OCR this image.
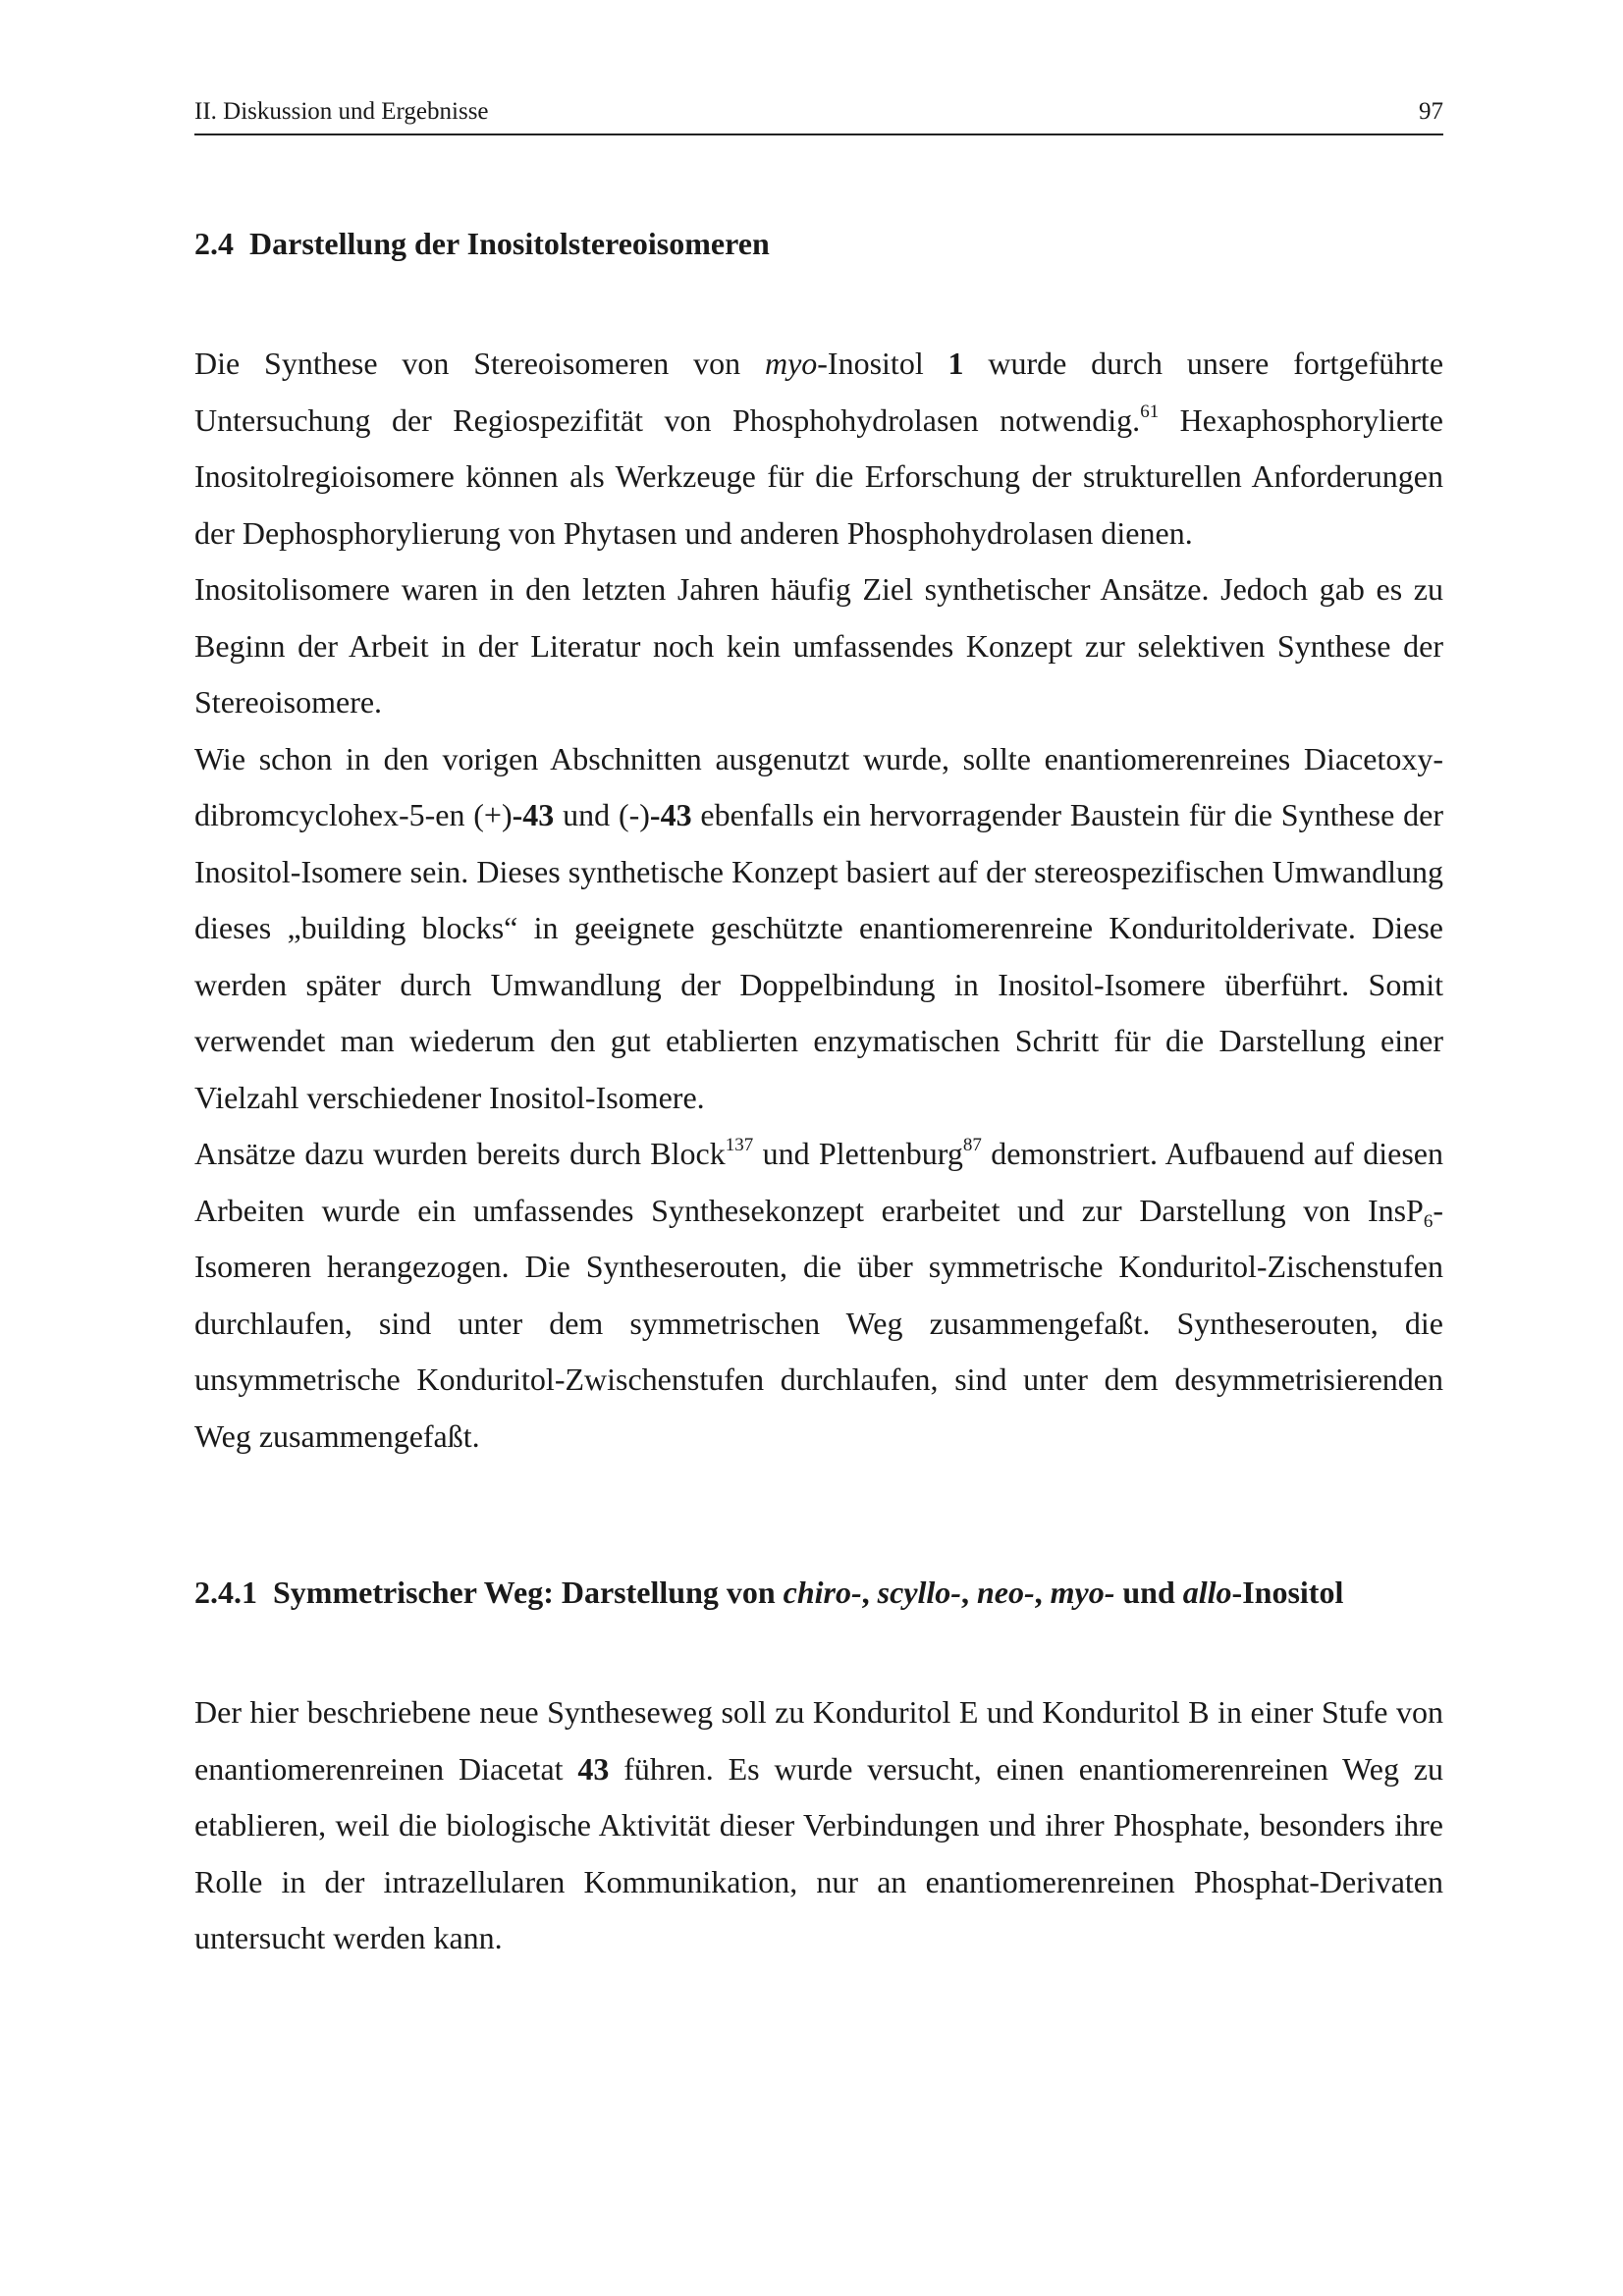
II. Diskussion und Ergebnisse	97
2.4 Darstellung der Inositolstereoisomeren

Die Synthese von Stereoisomeren von myo-Inositol 1 wurde durch unsere fortgeführte Untersuchung der Regiospezifität von Phosphohydrolasen notwendig.$^{61}$ Hexaphosphorylierte Inositolregioisomere können als Werkzeuge für die Erforschung der strukturellen Anforderungen der Dephosphorylierung von Phytasen und anderen Phosphohydrolasen dienen.

Inositolisomere waren in den letzten Jahren häufig Ziel synthetischer Ansätze. Jedoch gab es zu Beginn der Arbeit in der Literatur noch kein umfassendes Konzept zur selektiven Synthese der Stereoisomere.

Wie schon in den vorigen Abschnitten ausgenutzt wurde, sollte enantiomerenreines Diacetoxy-dibromcyclohex-5-en (+)-43 und (-)-43 ebenfalls ein hervorragender Baustein für die Synthese der Inositol-Isomere sein. Dieses synthetische Konzept basiert auf der stereospezifischen Umwandlung dieses „building blocks“ in geeignete geschützte enantiomerenreine Konduritolderivate. Diese werden später durch Umwandlung der Doppelbindung in Inositol-Isomere überführt. Somit verwendet man wiederum den gut etablierten enzymatischen Schritt für die Darstellung einer Vielzahl verschiedener Inositol-Isomere.

Ansätze dazu wurden bereits durch Block$^{137}$ und Plettenburg$^{87}$ demonstriert. Aufbauend auf diesen Arbeiten wurde ein umfassendes Synthesekonzept erarbeitet und zur Darstellung von InsP$_6$-Isomeren herangezogen. Die Syntheserouten, die über symmetrische Konduritol-Zischenstufen durchlaufen, sind unter dem symmetrischen Weg zusammengefaßt. Syntheserouten, die unsymmetrische Konduritol-Zwischenstufen durchlaufen, sind unter dem desymmetrisierenden Weg zusammengefaßt.

2.4.1 Symmetrischer Weg: Darstellung von chiro-, scyllo-, neo-, myo- und allo-Inositol

Der hier beschriebene neue Syntheseweg soll zu Konduritol E und Konduritol B in einer Stufe von enantiomerenreinen Diacetat 43 führen. Es wurde versucht, einen enantiomerenreinen Weg zu etablieren, weil die biologische Aktivität dieser Verbindungen und ihrer Phosphate, besonders ihre Rolle in der intrazellularen Kommunikation, nur an enantiomerenreinen Phosphat-Derivaten untersucht werden kann.
